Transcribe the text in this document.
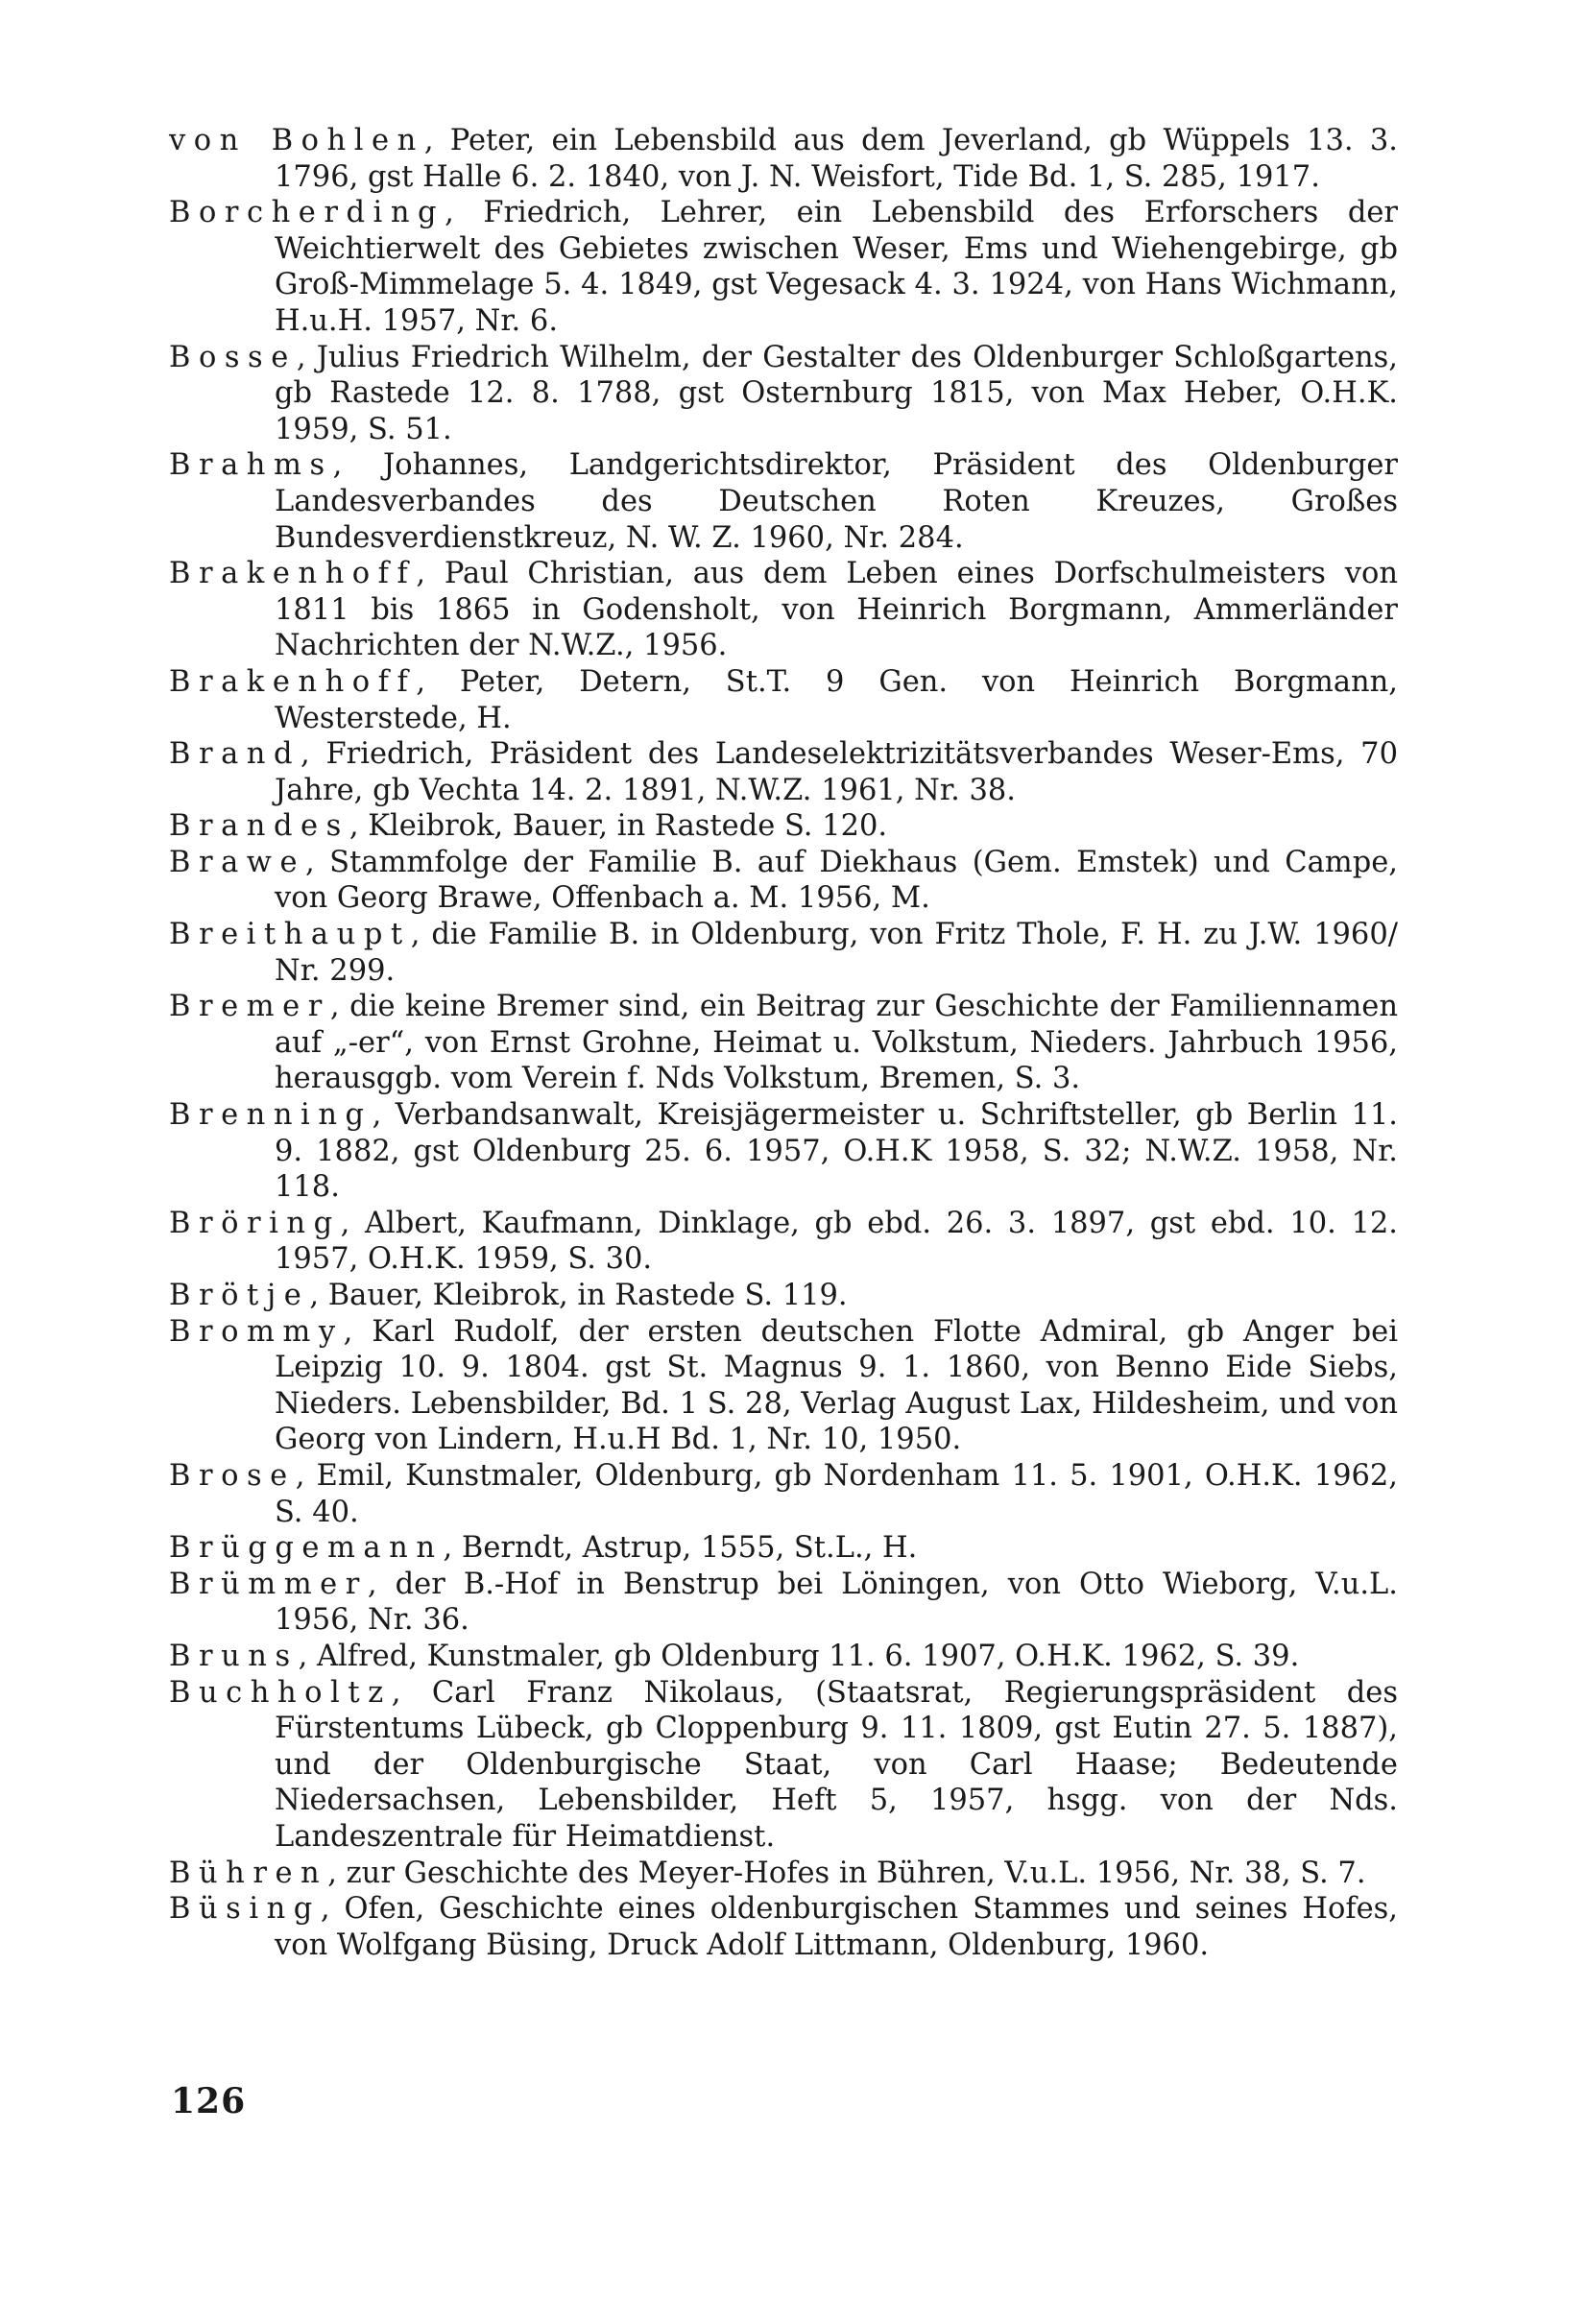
von Bohlen, Peter, ein Lebensbild aus dem Jeverland, gb Wüppels 13. 3. 1796, gst Halle 6. 2. 1840, von J. N. Weisfort, Tide Bd. 1, S. 285, 1917.

Borcherding, Friedrich, Lehrer, ein Lebensbild des Erforschers der Weichtierwelt des Gebietes zwischen Weser, Ems und Wiehengebirge, gb Groß-Mimmelage 5. 4. 1849, gst Vegesack 4. 3. 1924, von Hans Wichmann, H.u.H. 1957, Nr. 6.

Bosse, Julius Friedrich Wilhelm, der Gestalter des Oldenburger Schloßgartens, gb Rastede 12. 8. 1788, gst Osternburg 1815, von Max Heber, O.H.K. 1959, S. 51.

Brahms, Johannes, Landgerichtsdirektor, Präsident des Oldenburger Landesverbandes des Deutschen Roten Kreuzes, Großes Bundesverdienstkreuz, N. W. Z. 1960, Nr. 284.

Brakenhoff, Paul Christian, aus dem Leben eines Dorfschulmeisters von 1811 bis 1865 in Godensholt, von Heinrich Borgmann, Ammerländer Nachrichten der N.W.Z., 1956.

Brakenhoff, Peter, Detern, St.T. 9 Gen. von Heinrich Borgmann, Westerstede, H.

Brand, Friedrich, Präsident des Landeselektrizitätsverbandes Weser-Ems, 70 Jahre, gb Vechta 14. 2. 1891, N.W.Z. 1961, Nr. 38.

Brandes, Kleibrok, Bauer, in Rastede S. 120.

Brawe, Stammfolge der Familie B. auf Diekhaus (Gem. Emstek) und Campe, von Georg Brawe, Offenbach a. M. 1956, M.

Breithaupt, die Familie B. in Oldenburg, von Fritz Thole, F. H. zu J.W. 1960/ Nr. 299.

Bremer, die keine Bremer sind, ein Beitrag zur Geschichte der Familiennamen auf „-er“, von Ernst Grohne, Heimat u. Volkstum, Nieders. Jahrbuch 1956, herausggb. vom Verein f. Nds Volkstum, Bremen, S. 3.

Brenning, Verbandsanwalt, Kreisjägermeister u. Schriftsteller, gb Berlin 11. 9. 1882, gst Oldenburg 25. 6. 1957, O.H.K 1958, S. 32; N.W.Z. 1958, Nr. 118.

Bröring, Albert, Kaufmann, Dinklage, gb ebd. 26. 3. 1897, gst ebd. 10. 12. 1957, O.H.K. 1959, S. 30.

Brötje, Bauer, Kleibrok, in Rastede S. 119.

Brommy, Karl Rudolf, der ersten deutschen Flotte Admiral, gb Anger bei Leipzig 10. 9. 1804. gst St. Magnus 9. 1. 1860, von Benno Eide Siebs, Nieders. Lebensbilder, Bd. 1 S. 28, Verlag August Lax, Hildesheim, und von Georg von Lindern, H.u.H Bd. 1, Nr. 10, 1950.

Brose, Emil, Kunstmaler, Oldenburg, gb Nordenham 11. 5. 1901, O.H.K. 1962, S. 40.

Brüggemann, Berndt, Astrup, 1555, St.L., H.

Brümmer, der B.-Hof in Benstrup bei Löningen, von Otto Wieborg, V.u.L. 1956, Nr. 36.

Bruns, Alfred, Kunstmaler, gb Oldenburg 11. 6. 1907, O.H.K. 1962, S. 39.

Buchholtz, Carl Franz Nikolaus, (Staatsrat, Regierungspräsident des Fürstentums Lübeck, gb Cloppenburg 9. 11. 1809, gst Eutin 27. 5. 1887), und der Oldenburgische Staat, von Carl Haase; Bedeutende Niedersachsen, Lebensbilder, Heft 5, 1957, hsgg. von der Nds. Landeszentrale für Heimatdienst.

Bühren, zur Geschichte des Meyer-Hofes in Bühren, V.u.L. 1956, Nr. 38, S. 7.

Büsing, Ofen, Geschichte eines oldenburgischen Stammes und seines Hofes, von Wolfgang Büsing, Druck Adolf Littmann, Oldenburg, 1960.

126
